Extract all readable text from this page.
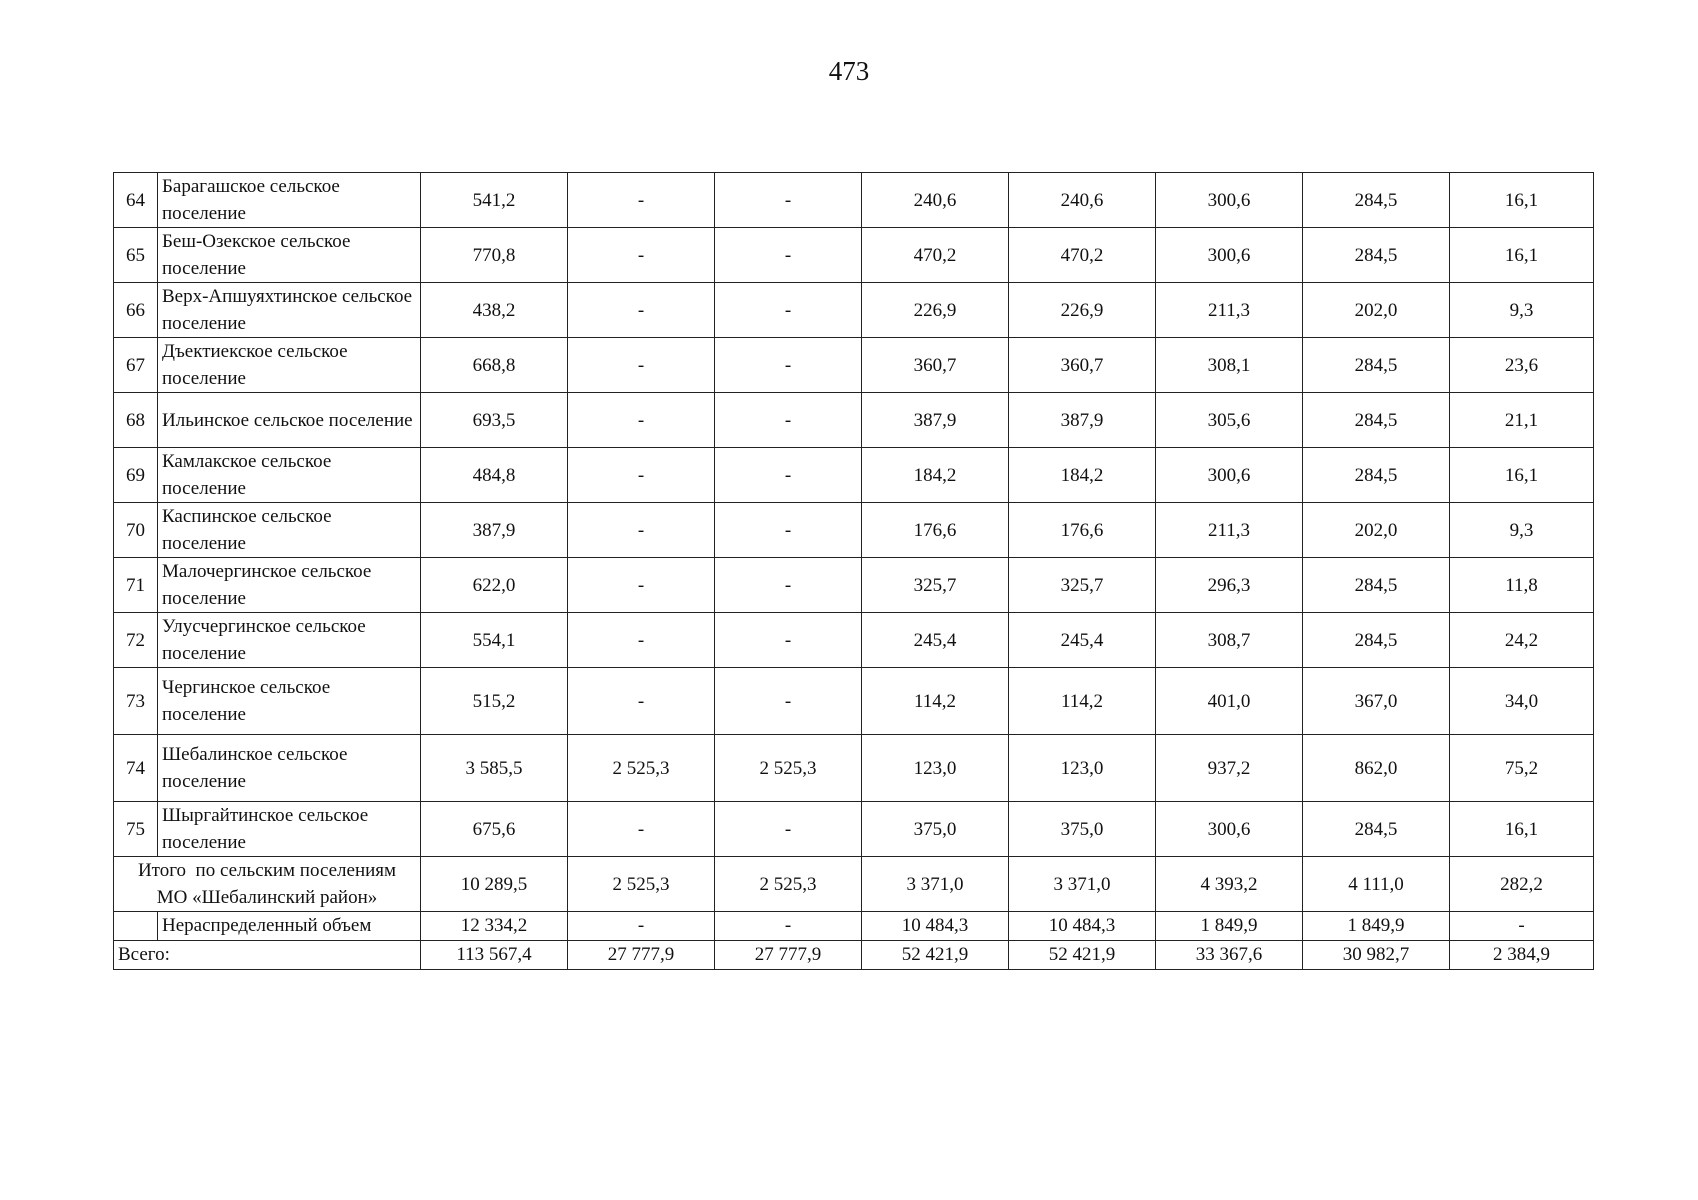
473
64	Барагашское сельское поселение	541,2	-	-	240,6	240,6	300,6	284,5	16,1
65	Беш-Озекское сельское поселение	770,8	-	-	470,2	470,2	300,6	284,5	16,1
66	Верх-Апшуяхтинское сельское поселение	438,2	-	-	226,9	226,9	211,3	202,0	9,3
67	Дъектиекское сельское поселение	668,8	-	-	360,7	360,7	308,1	284,5	23,6
68	Ильинское сельское поселение	693,5	-	-	387,9	387,9	305,6	284,5	21,1
69	Камлакское сельское поселение	484,8	-	-	184,2	184,2	300,6	284,5	16,1
70	Каспинское сельское поселение	387,9	-	-	176,6	176,6	211,3	202,0	9,3
71	Малочергинское сельское поселение	622,0	-	-	325,7	325,7	296,3	284,5	11,8
72	Улусчергинское сельское поселение	554,1	-	-	245,4	245,4	308,7	284,5	24,2
73	Чергинское сельское поселение	515,2	-	-	114,2	114,2	401,0	367,0	34,0
74	Шебалинское сельское поселение	3 585,5	2 525,3	2 525,3	123,0	123,0	937,2	862,0	75,2
75	Шыргайтинское сельское поселение	675,6	-	-	375,0	375,0	300,6	284,5	16,1

Итого  по сельским поселениям
МО «Шебалинский район»		10 289,5	2 525,3	2 525,3	3 371,0	3 371,0	4 393,2	4 111,0	282,2
	Нераспределенный объем	12 334,2	-	-	10 484,3	10 484,3	1 849,9	1 849,9	-
Всего:		113 567,4	27 777,9	27 777,9	52 421,9	52 421,9	33 367,6	30 982,7	2 384,9
